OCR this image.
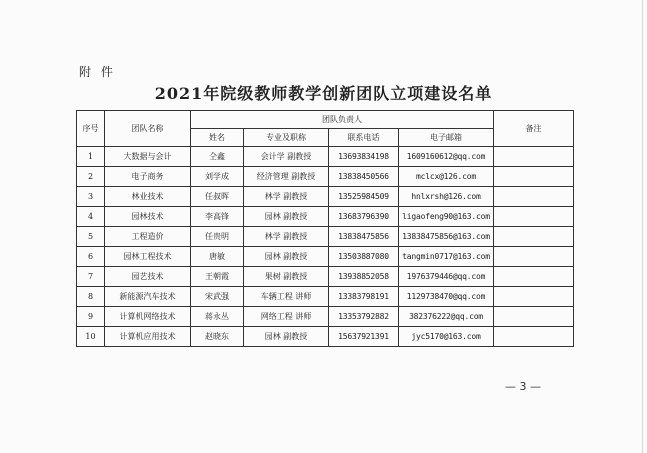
附 件
2021年院级教师教学创新团队立项建设名单
序号	团队名称	团队负责人				备注
		姓名	专业及职称	联系电话	电子邮箱	
1	大数据与会计	仝鑫	会计学 副教授	13693834198	1609160612@qq.com	
2	电子商务	刘学成	经济管理 副教授	13838450566	mclcx@126.com	
3	林业技术	任叔晖	林学 副教授	13525984509	hnlxrsh@126.com	
4	园林技术	李高锋	园林 副教授	13683796390	ligaofeng90@163.com	
5	工程造价	任贵明	林学 副教授	13838475856	13838475856@163.com	
6	园林工程技术	唐敏	园林 副教授	13503887080	tangmin0717@163.com	
7	园艺技术	王朝霞	果树 副教授	13938852058	1976379446@qq.com	
8	新能源汽车技术	宋武强	车辆工程 讲师	13383798191	1129738470@qq.com	
9	计算机网络技术	蒋永丛	网络工程 讲师	13353792882	382376222@qq.com	
10	计算机应用技术	赵晓东	园林 副教授	15637921391	jyc5170@163.com	
— 3 —
